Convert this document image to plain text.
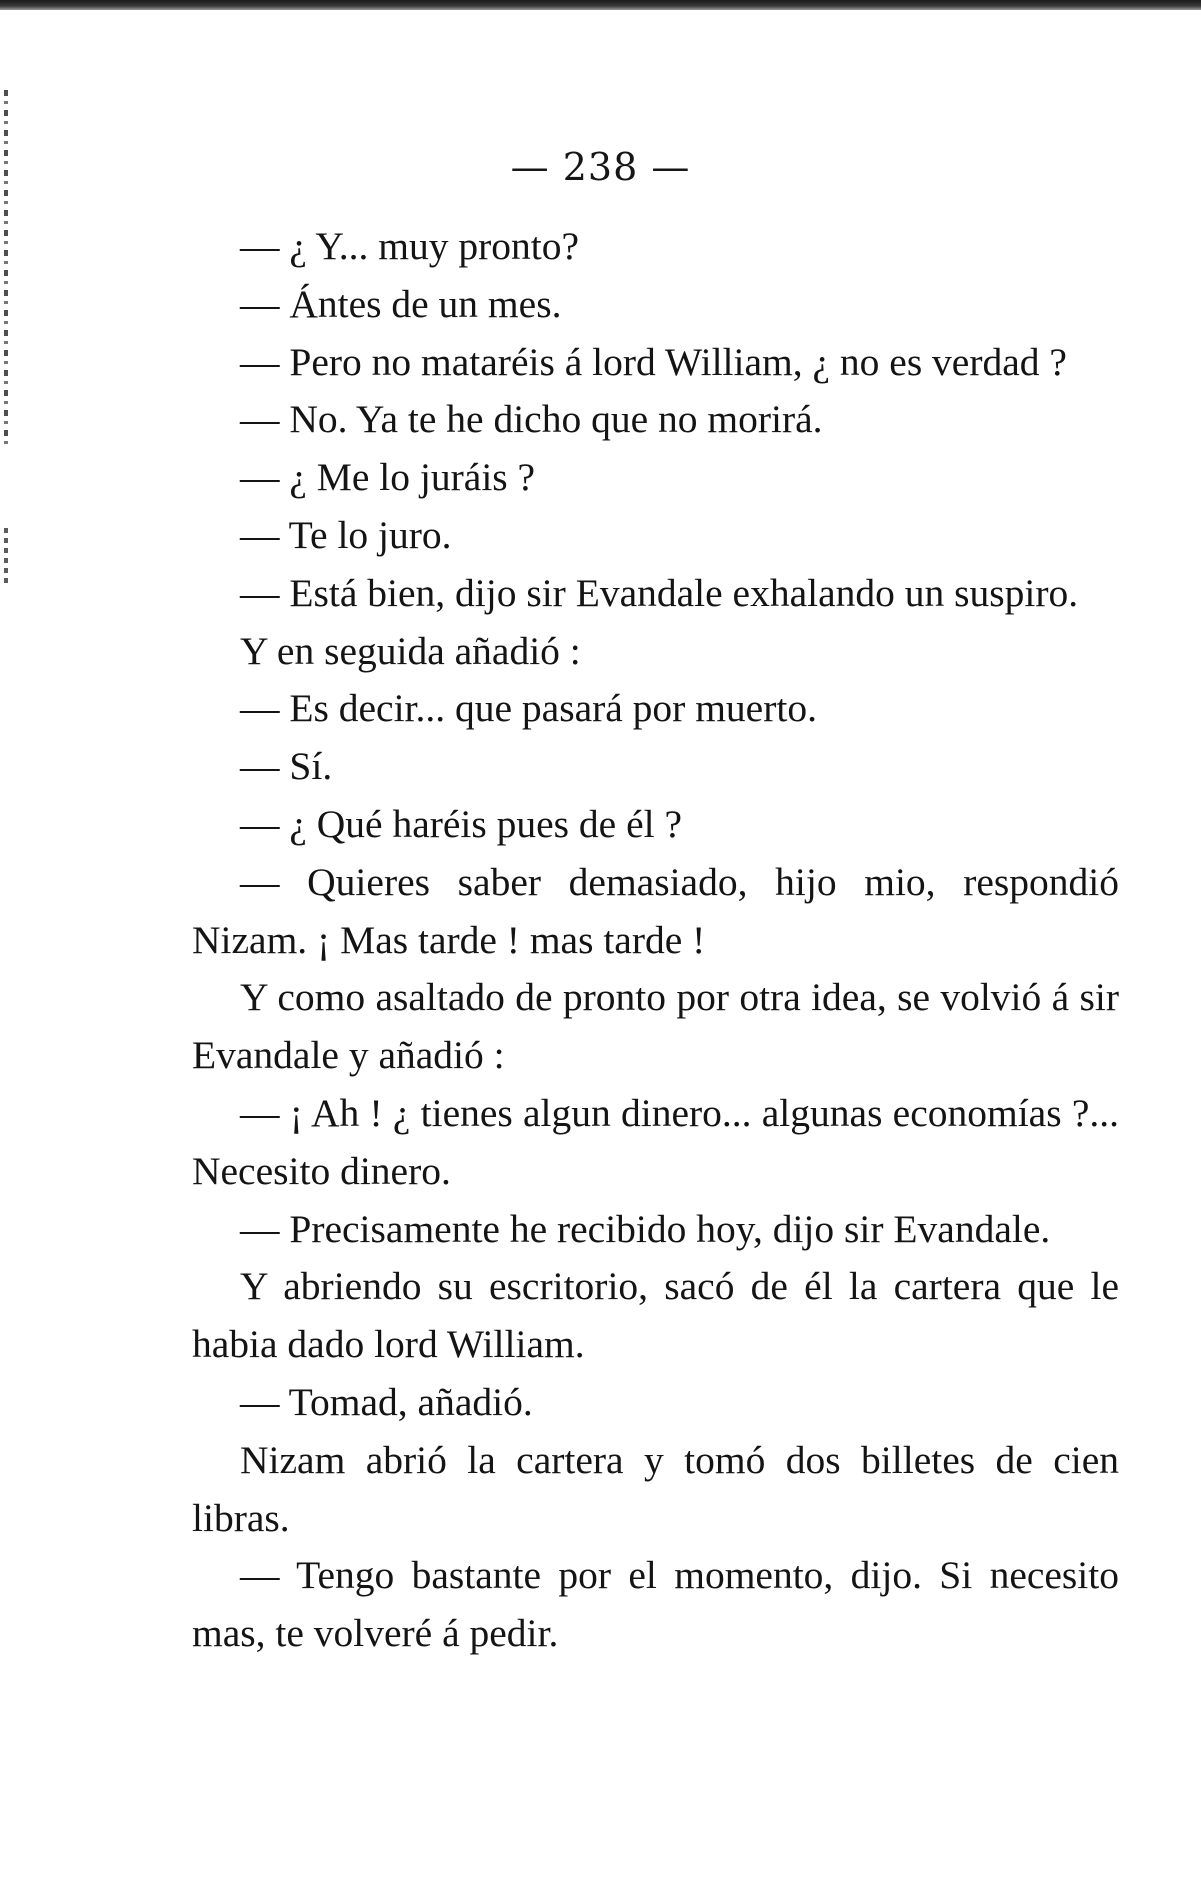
— 238 —

— ¿ Y... muy pronto?

— Ántes de un mes.

— Pero no mataréis á lord William, ¿ no es verdad ?

— No. Ya te he dicho que no morirá.

— ¿ Me lo juráis ?

— Te lo juro.

— Está bien, dijo sir Evandale exhalando un suspiro.

Y en seguida añadió :

— Es decir... que pasará por muerto.

— Sí.

— ¿ Qué haréis pues de él ?

— Quieres saber demasiado, hijo mio, respondió Nizam. ¡ Mas tarde ! mas tarde !

Y como asaltado de pronto por otra idea, se volvió á sir Evandale y añadió :

— ¡ Ah ! ¿ tienes algun dinero... algunas economías ?... Necesito dinero.

— Precisamente he recibido hoy, dijo sir Evandale.

Y abriendo su escritorio, sacó de él la cartera que le habia dado lord William.

— Tomad, añadió.

Nizam abrió la cartera y tomó dos billetes de cien libras.

— Tengo bastante por el momento, dijo. Si necesito mas, te volveré á pedir.
